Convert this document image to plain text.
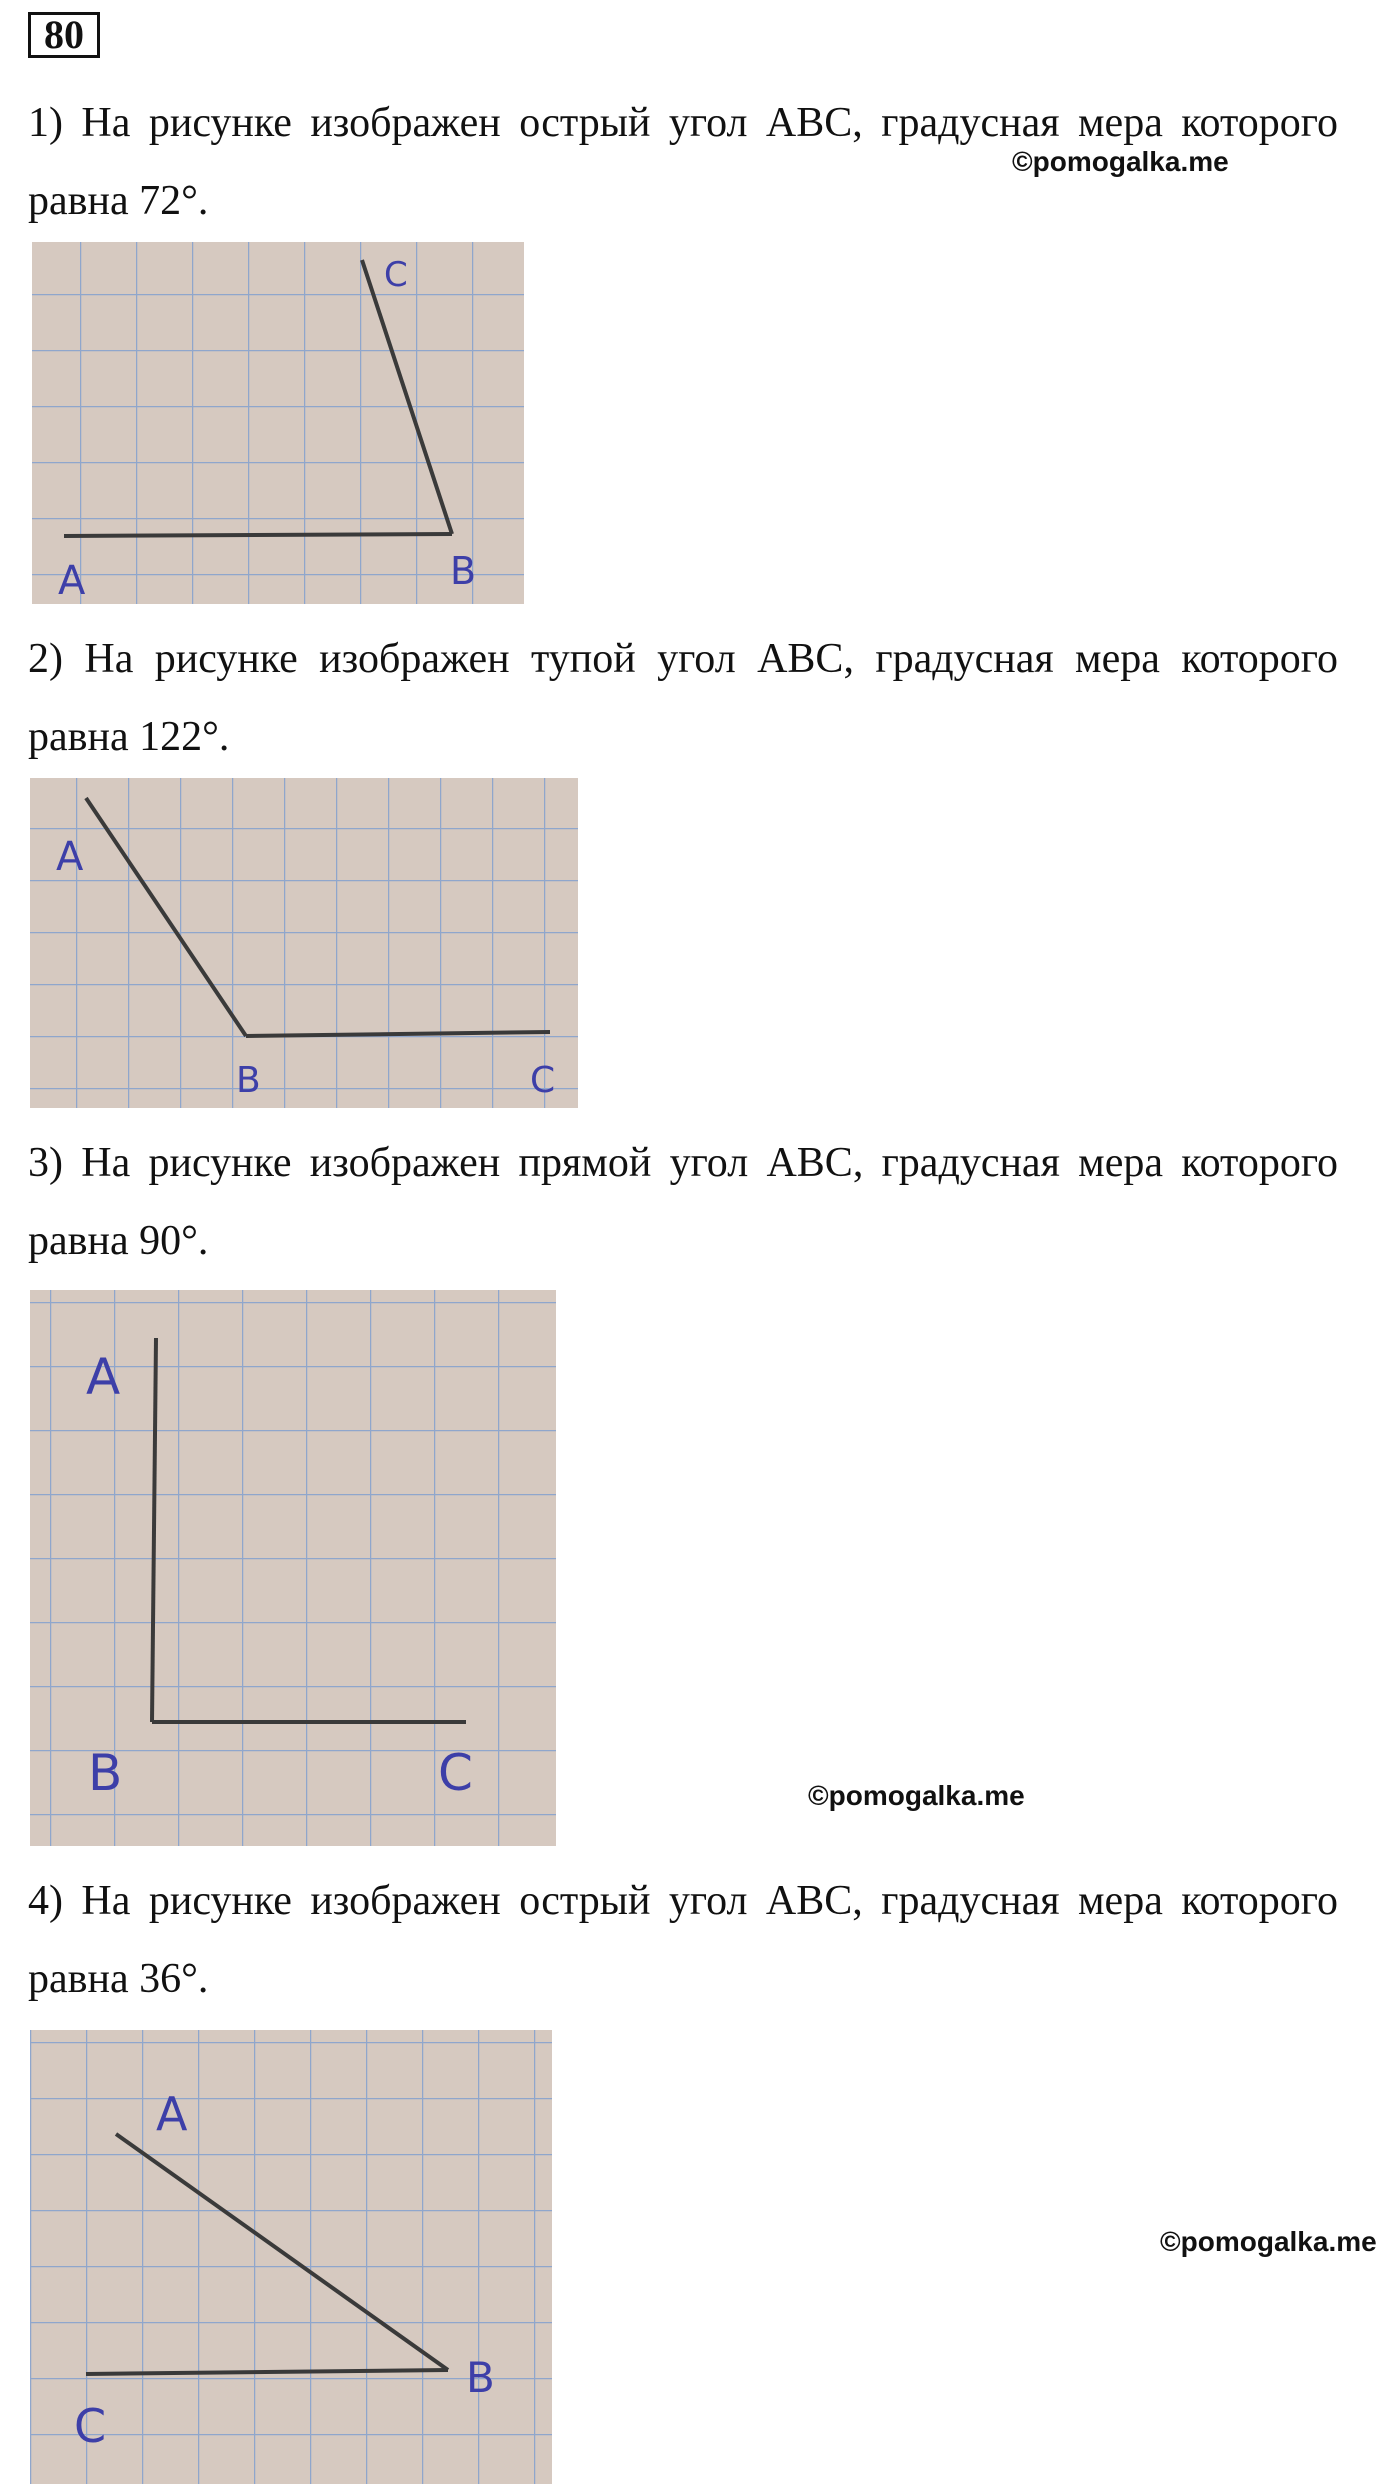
80
1) На рисунке изображен острый угол ABC, градусная мера которого равна 72°.
©pomogalka.me
A	B
C
2) На рисунке изображен тупой угол ABC, градусная мера которого равна 122°.
A
B	C
3) На рисунке изображен прямой угол ABC, градусная мера которого равна 90°.
A
B	C	©pomogalka.me
4) На рисунке изображен острый угол ABC, градусная мера которого равна 36°.
A
B
C
©pomogalka.me
